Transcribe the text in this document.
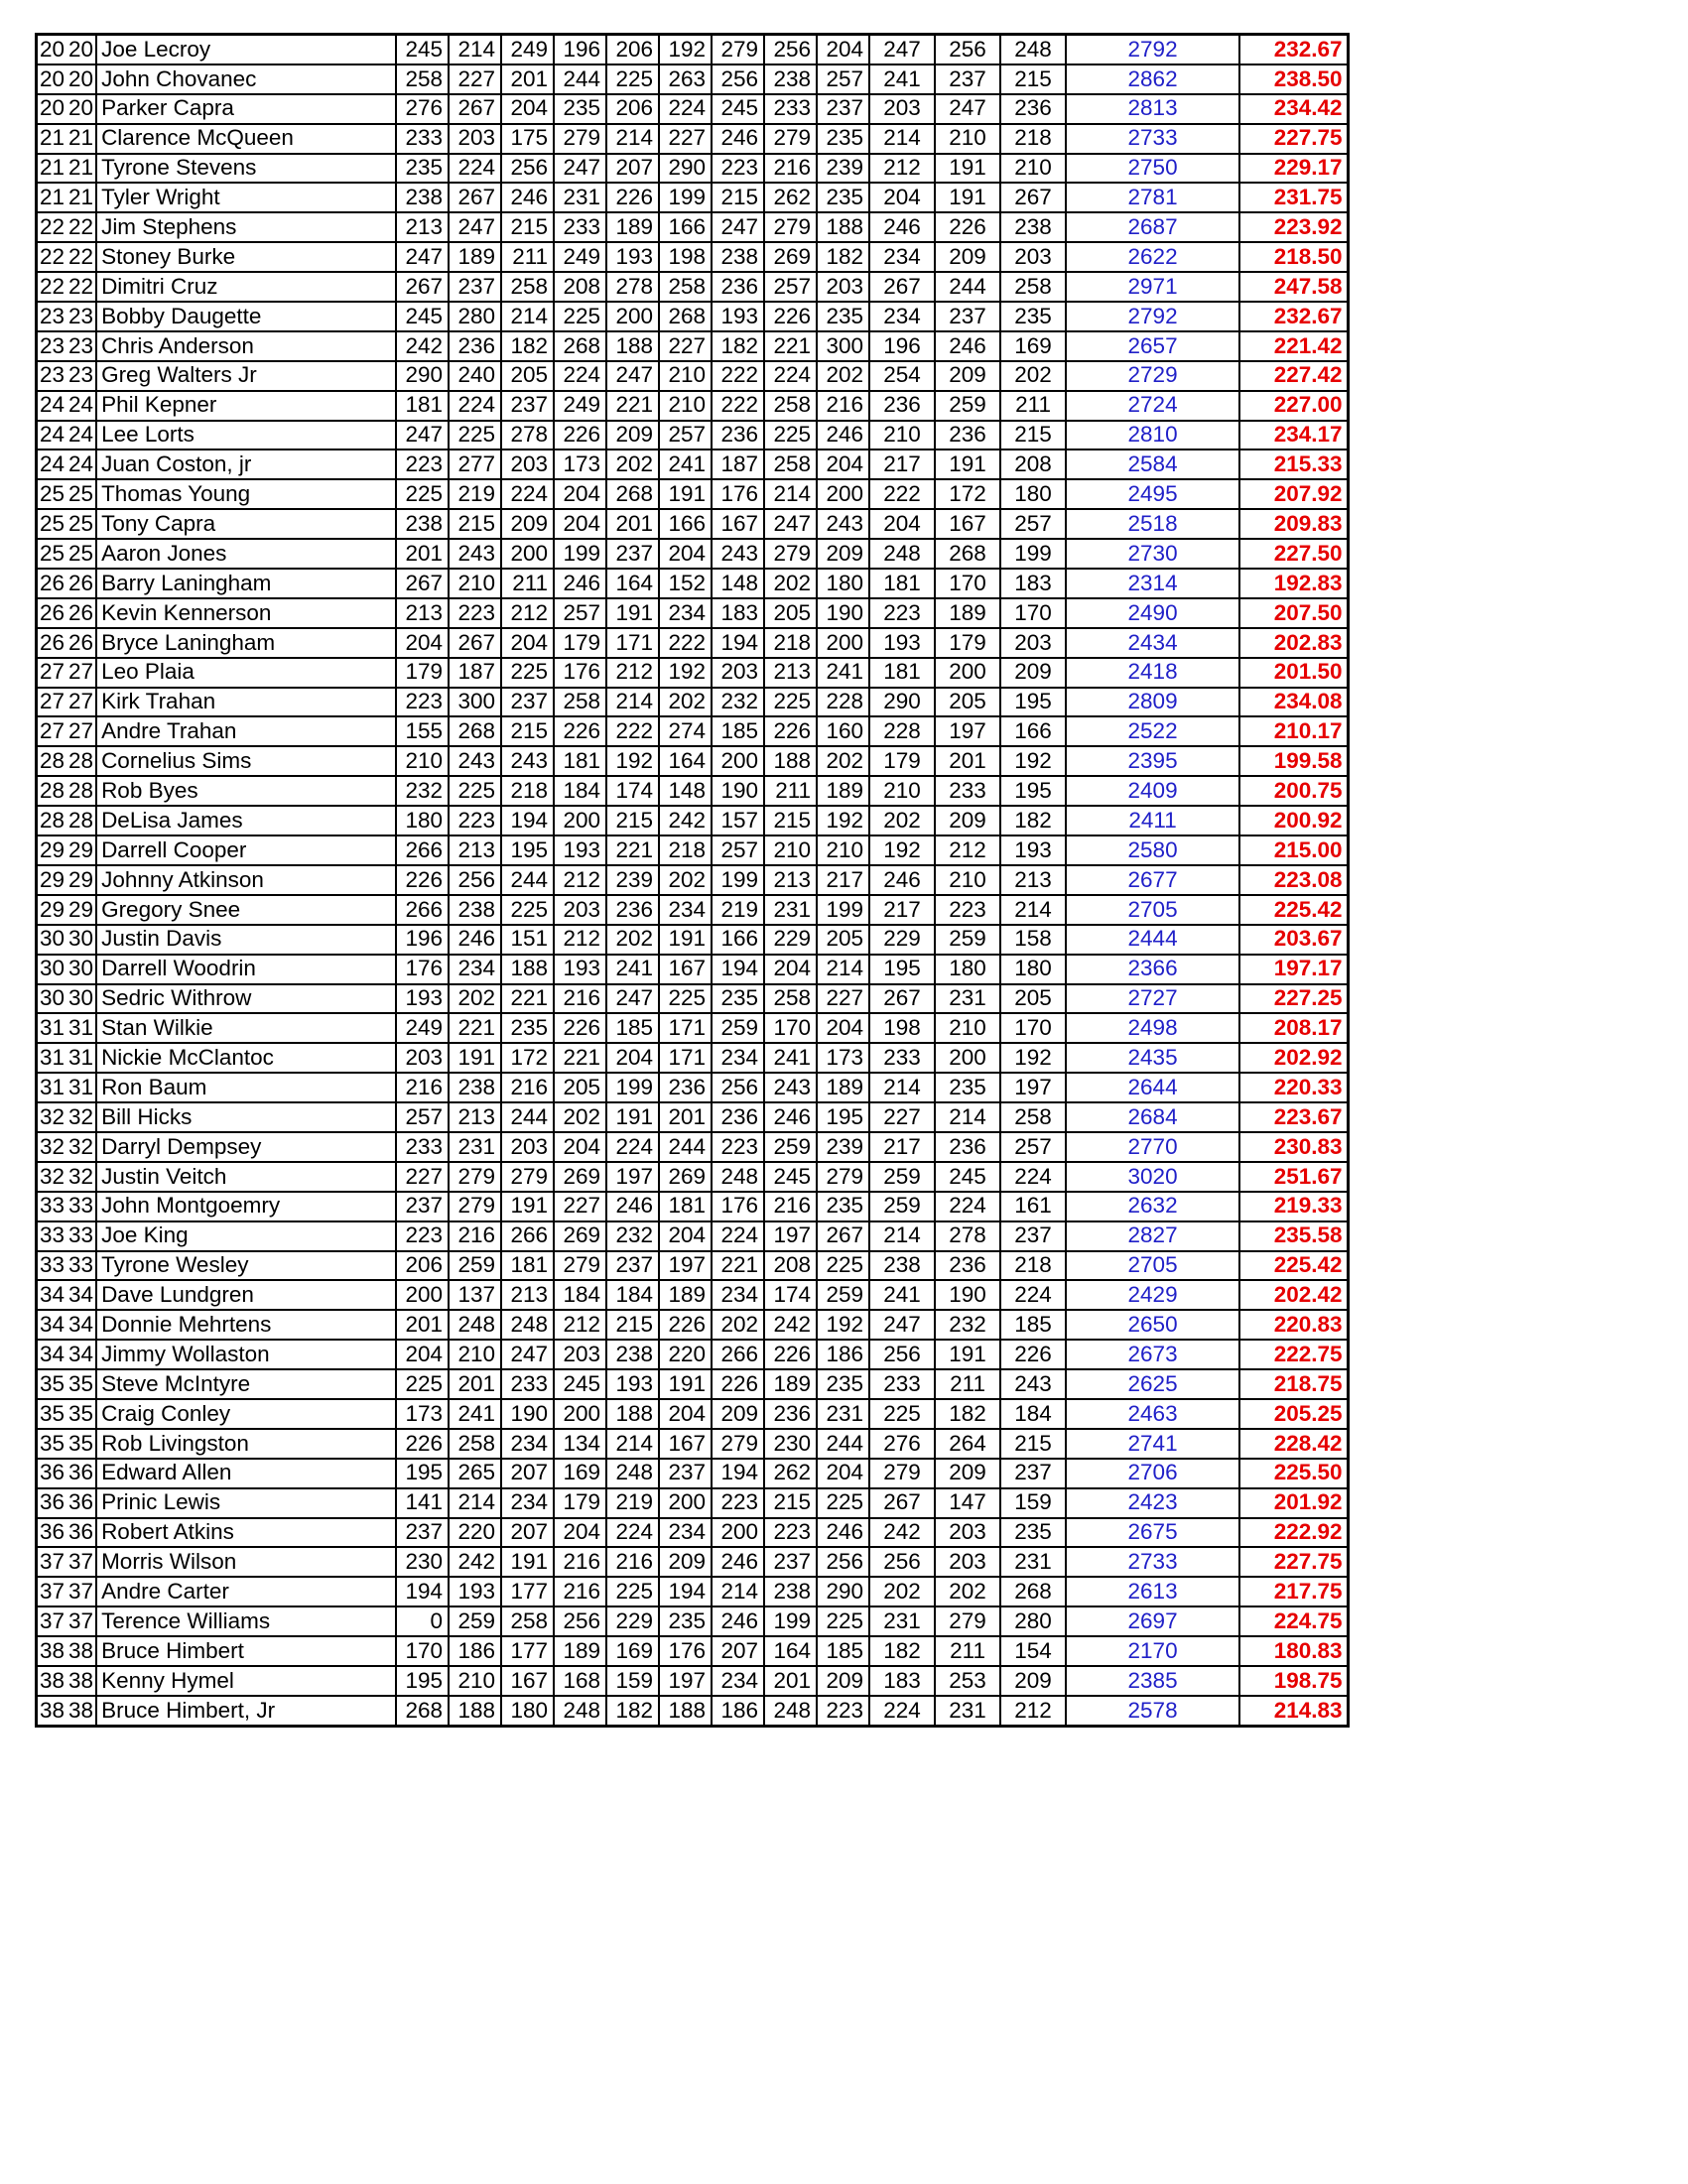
20	20	Joe Lecroy	245	214	249	196	206	192	279	256	204	247	256	248	2792	232.67
20	20	John Chovanec	258	227	201	244	225	263	256	238	257	241	237	215	2862	238.50
20	20	Parker Capra	276	267	204	235	206	224	245	233	237	203	247	236	2813	234.42
21	21	Clarence McQueen	233	203	175	279	214	227	246	279	235	214	210	218	2733	227.75
21	21	Tyrone Stevens	235	224	256	247	207	290	223	216	239	212	191	210	2750	229.17
21	21	Tyler Wright	238	267	246	231	226	199	215	262	235	204	191	267	2781	231.75
22	22	Jim Stephens	213	247	215	233	189	166	247	279	188	246	226	238	2687	223.92
22	22	Stoney Burke	247	189	211	249	193	198	238	269	182	234	209	203	2622	218.50
22	22	Dimitri Cruz	267	237	258	208	278	258	236	257	203	267	244	258	2971	247.58
23	23	Bobby Daugette	245	280	214	225	200	268	193	226	235	234	237	235	2792	232.67
23	23	Chris Anderson	242	236	182	268	188	227	182	221	300	196	246	169	2657	221.42
23	23	Greg Walters Jr	290	240	205	224	247	210	222	224	202	254	209	202	2729	227.42
24	24	Phil Kepner	181	224	237	249	221	210	222	258	216	236	259	211	2724	227.00
24	24	Lee Lorts	247	225	278	226	209	257	236	225	246	210	236	215	2810	234.17
24	24	Juan Coston, jr	223	277	203	173	202	241	187	258	204	217	191	208	2584	215.33
25	25	Thomas Young	225	219	224	204	268	191	176	214	200	222	172	180	2495	207.92
25	25	Tony Capra	238	215	209	204	201	166	167	247	243	204	167	257	2518	209.83
25	25	Aaron Jones	201	243	200	199	237	204	243	279	209	248	268	199	2730	227.50
26	26	Barry Laningham	267	210	211	246	164	152	148	202	180	181	170	183	2314	192.83
26	26	Kevin Kennerson	213	223	212	257	191	234	183	205	190	223	189	170	2490	207.50
26	26	Bryce Laningham	204	267	204	179	171	222	194	218	200	193	179	203	2434	202.83
27	27	Leo Plaia	179	187	225	176	212	192	203	213	241	181	200	209	2418	201.50
27	27	Kirk Trahan	223	300	237	258	214	202	232	225	228	290	205	195	2809	234.08
27	27	Andre Trahan	155	268	215	226	222	274	185	226	160	228	197	166	2522	210.17
28	28	Cornelius Sims	210	243	243	181	192	164	200	188	202	179	201	192	2395	199.58
28	28	Rob Byes	232	225	218	184	174	148	190	211	189	210	233	195	2409	200.75
28	28	DeLisa James	180	223	194	200	215	242	157	215	192	202	209	182	2411	200.92
29	29	Darrell Cooper	266	213	195	193	221	218	257	210	210	192	212	193	2580	215.00
29	29	Johnny Atkinson	226	256	244	212	239	202	199	213	217	246	210	213	2677	223.08
29	29	Gregory Snee	266	238	225	203	236	234	219	231	199	217	223	214	2705	225.42
30	30	Justin Davis	196	246	151	212	202	191	166	229	205	229	259	158	2444	203.67
30	30	Darrell Woodrin	176	234	188	193	241	167	194	204	214	195	180	180	2366	197.17
30	30	Sedric Withrow	193	202	221	216	247	225	235	258	227	267	231	205	2727	227.25
31	31	Stan Wilkie	249	221	235	226	185	171	259	170	204	198	210	170	2498	208.17
31	31	Nickie McClantoc	203	191	172	221	204	171	234	241	173	233	200	192	2435	202.92
31	31	Ron Baum	216	238	216	205	199	236	256	243	189	214	235	197	2644	220.33
32	32	Bill Hicks	257	213	244	202	191	201	236	246	195	227	214	258	2684	223.67
32	32	Darryl Dempsey	233	231	203	204	224	244	223	259	239	217	236	257	2770	230.83
32	32	Justin Veitch	227	279	279	269	197	269	248	245	279	259	245	224	3020	251.67
33	33	John Montgoemry	237	279	191	227	246	181	176	216	235	259	224	161	2632	219.33
33	33	Joe King	223	216	266	269	232	204	224	197	267	214	278	237	2827	235.58
33	33	Tyrone Wesley	206	259	181	279	237	197	221	208	225	238	236	218	2705	225.42
34	34	Dave Lundgren	200	137	213	184	184	189	234	174	259	241	190	224	2429	202.42
34	34	Donnie Mehrtens	201	248	248	212	215	226	202	242	192	247	232	185	2650	220.83
34	34	Jimmy Wollaston	204	210	247	203	238	220	266	226	186	256	191	226	2673	222.75
35	35	Steve McIntyre	225	201	233	245	193	191	226	189	235	233	211	243	2625	218.75
35	35	Craig Conley	173	241	190	200	188	204	209	236	231	225	182	184	2463	205.25
35	35	Rob Livingston	226	258	234	134	214	167	279	230	244	276	264	215	2741	228.42
36	36	Edward Allen	195	265	207	169	248	237	194	262	204	279	209	237	2706	225.50
36	36	Prinic Lewis	141	214	234	179	219	200	223	215	225	267	147	159	2423	201.92
36	36	Robert Atkins	237	220	207	204	224	234	200	223	246	242	203	235	2675	222.92
37	37	Morris Wilson	230	242	191	216	216	209	246	237	256	256	203	231	2733	227.75
37	37	Andre Carter	194	193	177	216	225	194	214	238	290	202	202	268	2613	217.75
37	37	Terence Williams	0	259	258	256	229	235	246	199	225	231	279	280	2697	224.75
38	38	Bruce Himbert	170	186	177	189	169	176	207	164	185	182	211	154	2170	180.83
38	38	Kenny Hymel	195	210	167	168	159	197	234	201	209	183	253	209	2385	198.75
38	38	Bruce Himbert, Jr	268	188	180	248	182	188	186	248	223	224	231	212	2578	214.83
